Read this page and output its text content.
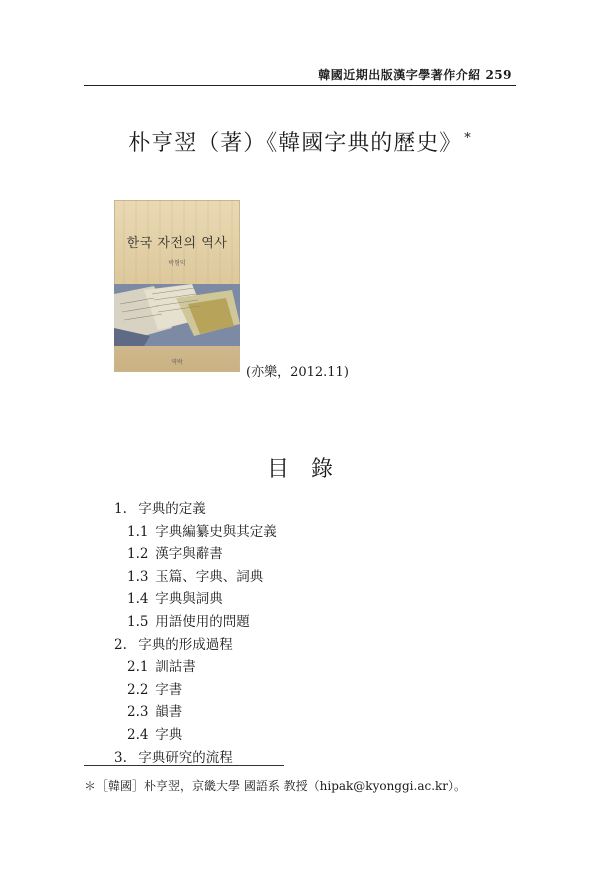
韓國近期出版漢字學著作介紹 259
朴亨翌（著）《韓國字典的歷史》 *
한국 자전의 역사
박형익
역락
(亦樂，2012.11)
目錄
1. 字典的定義
1.1 字典編纂史與其定義
1.2 漢字與辭書
1.3 玉篇、字典、詞典
1.4 字典與詞典
1.5 用語使用的問題
2. 字典的形成過程
2.1 訓詁書
2.2 字書
2.3 韻書
2.4 字典
3. 字典研究的流程
＊［韓國］朴亨翌，京畿大學 國語系 教授（hipak@kyonggi.ac.kr）。
